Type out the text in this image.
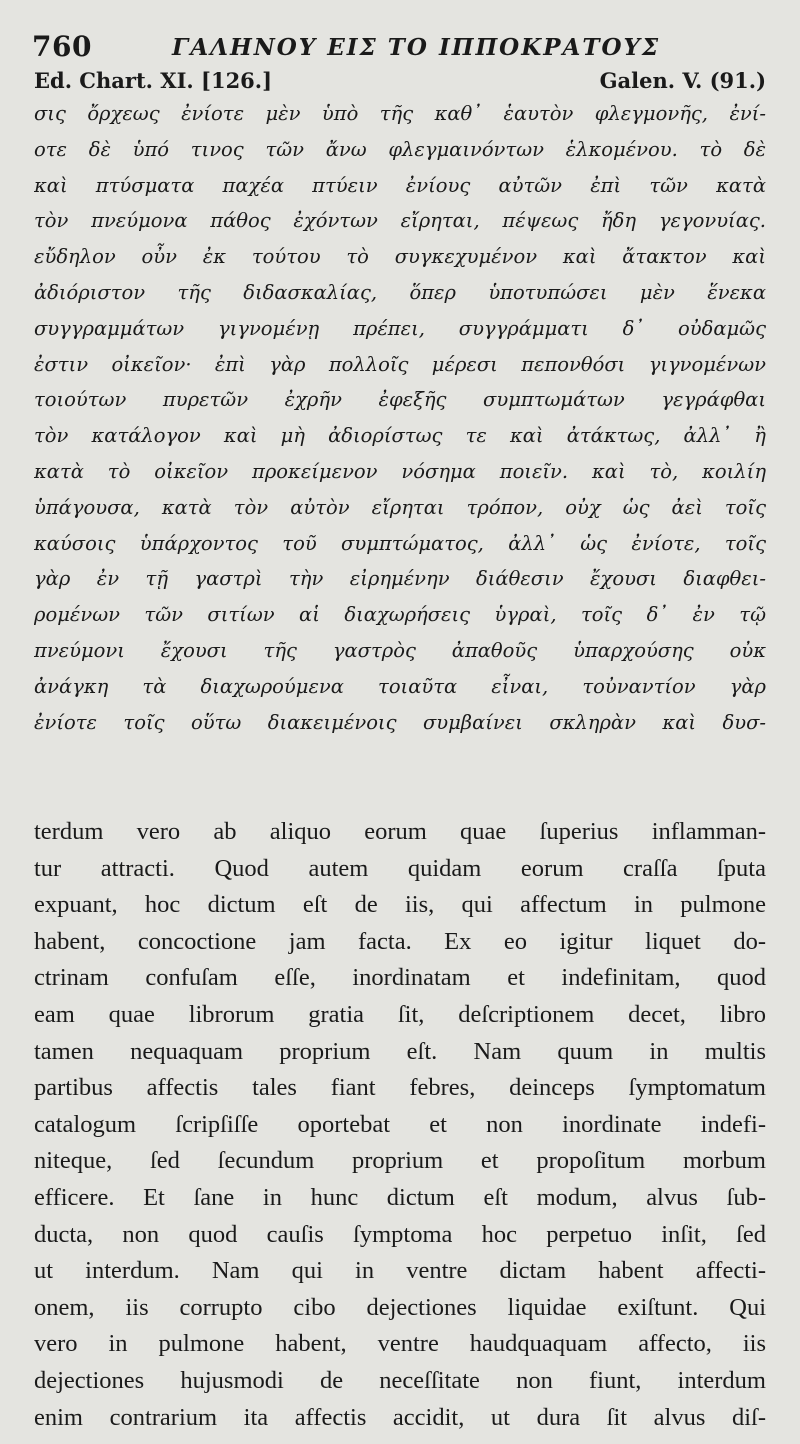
760	ΓΑΛΗΝΟΥ ΕΙΣ ΤΟ ΙΠΠΟΚΡΑΤΟΥΣ
Ed. Chart. XI. [126.]	Galen. V. (91.)
σις ὄρχεως ἐνίοτε μὲν ὑπὸ τῆς καθ᾽ ἑαυτὸν φλεγμονῆς, ἐνί-
οτε δὲ ὑπό τινος τῶν ἄνω φλεγμαινόντων ἑλκομένου. τὸ δὲ
καὶ πτύσματα παχέα πτύειν ἐνίους αὐτῶν ἐπὶ τῶν κατὰ
τὸν πνεύμονα πάθος ἐχόντων εἴρηται, πέψεως ἤδη γεγονυίας.
εὔδηλον οὖν ἐκ τούτου τὸ συγκεχυμένον καὶ ἄτακτον καὶ
ἀδιόριστον τῆς διδασκαλίας, ὅπερ ὑποτυπώσει μὲν ἕνεκα
συγγραμμάτων γιγνομένῃ πρέπει, συγγράμματι δ᾽ οὐδαμῶς
ἐστιν οἰκεῖον· ἐπὶ γὰρ πολλοῖς μέρεσι πεπονθόσι γιγνομένων
τοιούτων πυρετῶν ἐχρῆν ἐφεξῆς συμπτωμάτων γεγράφθαι
τὸν κατάλογον καὶ μὴ ἀδιορίστως τε καὶ ἀτάκτως, ἀλλ᾽ ἢ
κατὰ τὸ οἰκεῖον προκείμενον νόσημα ποιεῖν. καὶ τὸ, κοιλίη
ὑπάγουσα, κατὰ τὸν αὐτὸν εἴρηται τρόπον, οὐχ ὡς ἀεὶ τοῖς
καύσοις ὑπάρχοντος τοῦ συμπτώματος, ἀλλ᾽ ὡς ἐνίοτε, τοῖς
γὰρ ἐν τῇ γαστρὶ τὴν εἰρημένην διάθεσιν ἔχουσι διαφθει-
ρομένων τῶν σιτίων αἱ διαχωρήσεις ὑγραὶ, τοῖς δ᾽ ἐν τῷ
πνεύμονι ἔχουσι τῆς γαστρὸς ἀπαθοῦς ὑπαρχούσης οὐκ
ἀνάγκη τὰ διαχωρούμενα τοιαῦτα εἶναι, τοὐναντίον γὰρ
ἐνίοτε τοῖς οὕτω διακειμένοις συμβαίνει σκληρὰν καὶ δυσ-
terdum vero ab aliquo eorum quae ſuperius inflamman-
tur attracti. Quod autem quidam eorum craſſa ſputa
expuant, hoc dictum eſt de iis, qui affectum in pulmone
habent, concoctione jam facta. Ex eo igitur liquet do-
ctrinam confuſam eſſe, inordinatam et indefinitam, quod
eam quae librorum gratia ſit, deſcriptionem decet, libro
tamen nequaquam proprium eſt. Nam quum in multis
partibus affectis tales fiant febres, deinceps ſymptomatum
catalogum ſcripſiſſe oportebat et non inordinate indefi-
niteque, ſed ſecundum proprium et propoſitum morbum
efficere. Et ſane in hunc dictum eſt modum, alvus ſub-
ducta, non quod cauſis ſymptoma hoc perpetuo inſit, ſed
ut interdum. Nam qui in ventre dictam habent affecti-
onem, iis corrupto cibo dejectiones liquidae exiſtunt. Qui
vero in pulmone habent, ventre haudquaquam affecto, iis
dejectiones hujusmodi de neceſſitate non fiunt, interdum
enim contrarium ita affectis accidit, ut dura ſit alvus diſ-
